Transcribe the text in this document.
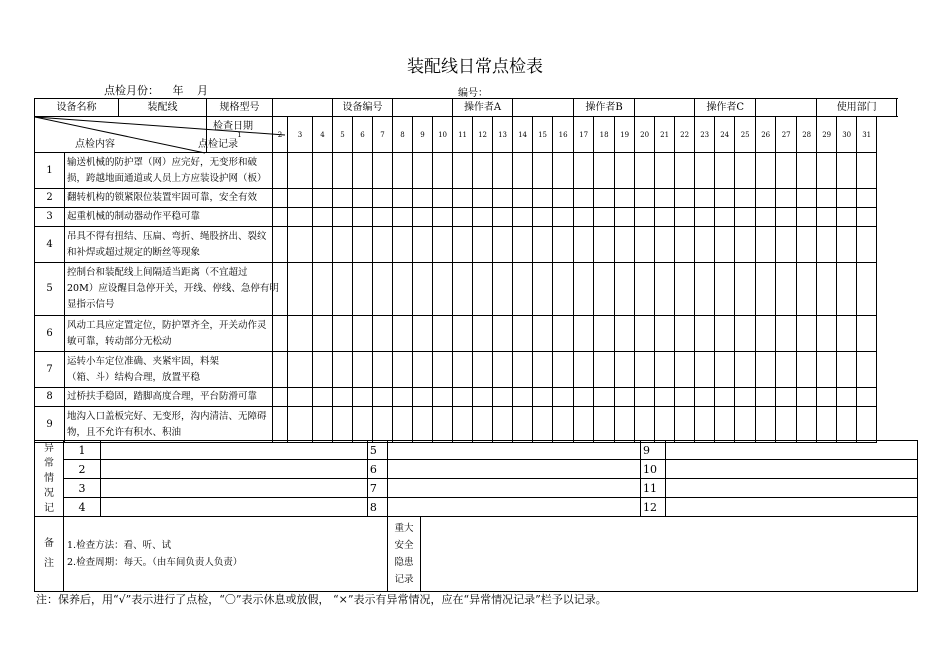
装配线日常点检表
点检月份： 年 月	编号：
设备名称		装配线	规格型号				设备编号						操作者A						操作者B						操作者C						使用部门			

检查日期
点检内容 点检记录			1		3	4	5	6	7	8	9	10	11	12	13	14	15	16	17	18	19	20	21	22	23	24	25	26	27	28	29	30	31	
1	输送机械的防护罩（网）应完好，无变形和破
损，跨越地面通道或人员上方应装设护网（板）																																	

2	翻转机构的锁紧限位装置牢固可靠，安全有效																																	

3	起重机械的制动器动作平稳可靠																																	

4	吊具不得有扭结、压扁、弯折、绳股挤出、裂纹
和补焊或超过规定的断丝等现象																																	

5	控制台和装配线上间隔适当距离（不宜超过
20M）应设醒目急停开关，开线、停线、急停有明
显指示信号																																	

6	风动工具应定置定位，防护罩齐全，开关动作灵
敏可靠，转动部分无松动																																	

7	运转小车定位准确、夹紧牢固，料架
（箱、斗）结构合理，放置平稳																																	

8	过桥扶手稳固，踏脚高度合理，平台防滑可靠																																	

9	地沟入口盖板完好、无变形，沟内清洁、无障碍
物，且不允许有积水、积油																																	

异
常
情
况
记
	1		5		9	
2		6		10	
3		7		11	
4		8		12	

备
注

1.检查方法：看、听、试
2.检查周期：每天。（由车间负责人负责）

重大
安全
隐患
记录

注：保养后，用“√”表示进行了点检，“〇”表示休息或放假， “×”表示有异常情况，应在“异常情况记录”栏予以记录。
